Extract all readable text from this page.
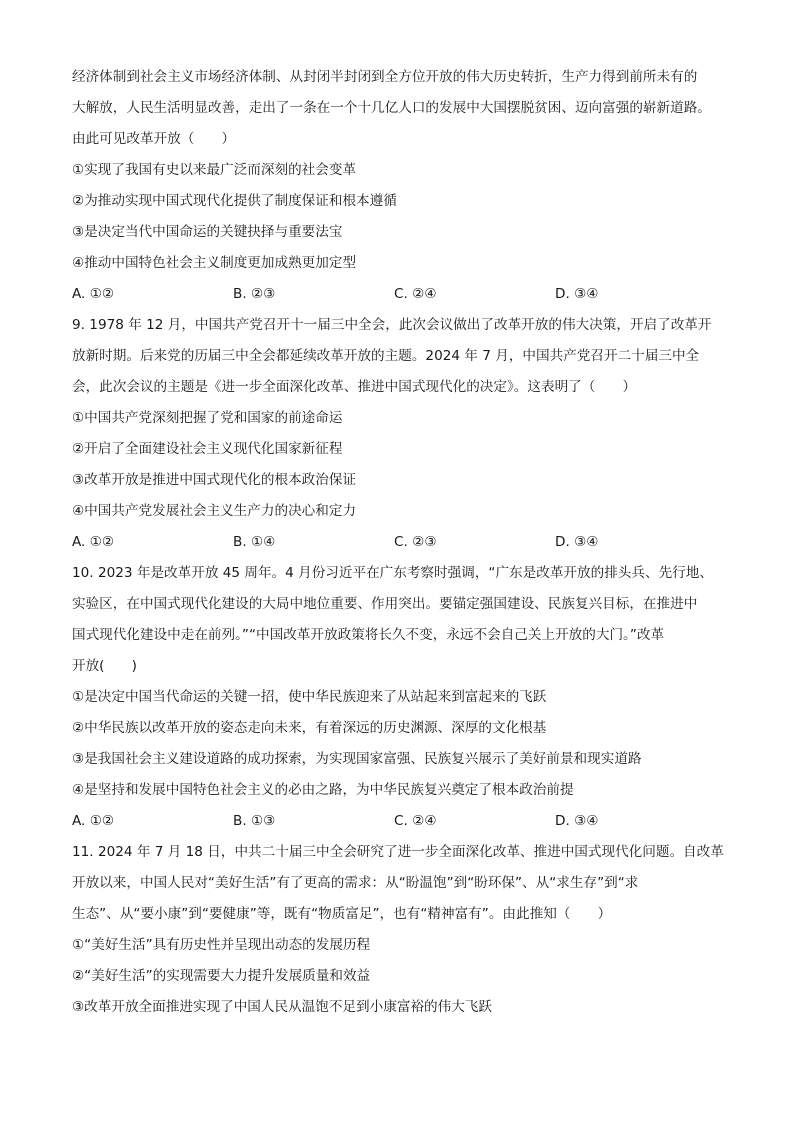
经济体制到社会主义市场经济体制、从封闭半封闭到全方位开放的伟大历史转折，生产力得到前所未有的
大解放，人民生活明显改善，走出了一条在一个十几亿人口的发展中大国摆脱贫困、迈向富强的崭新道路。
由此可见改革开放（　　）
①实现了我国有史以来最广泛而深刻的社会变革
②为推动实现中国式现代化提供了制度保证和根本遵循
③是决定当代中国命运的关键抉择与重要法宝
④推动中国特色社会主义制度更加成熟更加定型
A. ①②	B. ②③	C. ②④	D. ③④
9. 1978 年 12 月，中国共产党召开十一届三中全会，此次会议做出了改革开放的伟大决策，开启了改革开
放新时期。后来党的历届三中全会都延续改革开放的主题。2024 年 7 月，中国共产党召开二十届三中全
会，此次会议的主题是《进一步全面深化改革、推进中国式现代化的决定》。这表明了（　　）
①中国共产党深刻把握了党和国家的前途命运
②开启了全面建设社会主义现代化国家新征程
③改革开放是推进中国式现代化的根本政治保证
④中国共产党发展社会主义生产力的决心和定力
A. ①②	B. ①④	C. ②③	D. ③④
10. 2023 年是改革开放 45 周年。4 月份习近平在广东考察时强调，“广东是改革开放的排头兵、先行地、
实验区，在中国式现代化建设的大局中地位重要、作用突出。要锚定强国建设、民族复兴目标，在推进中
国式现代化建设中走在前列。”“中国改革开放政策将长久不变，永远不会自己关上开放的大门。”改革
开放(　　)
①是决定中国当代命运的关键一招，使中华民族迎来了从站起来到富起来的飞跃
②中华民族以改革开放的姿态走向未来，有着深远的历史渊源、深厚的文化根基
③是我国社会主义建设道路的成功探索，为实现国家富强、民族复兴展示了美好前景和现实道路
④是坚持和发展中国特色社会主义的必由之路，为中华民族复兴奠定了根本政治前提
A. ①②	B. ①③	C. ②④	D. ③④
11. 2024 年 7 月 18 日，中共二十届三中全会研究了进一步全面深化改革、推进中国式现代化问题。自改革
开放以来，中国人民对“美好生活”有了更高的需求：从“盼温饱”到“盼环保”、从“求生存”到“求
生态”、从“要小康”到“要健康”等，既有“物质富足”，也有“精神富有”。由此推知（　　）
①“美好生活”具有历史性并呈现出动态的发展历程
②“美好生活”的实现需要大力提升发展质量和效益
③改革开放全面推进实现了中国人民从温饱不足到小康富裕的伟大飞跃
